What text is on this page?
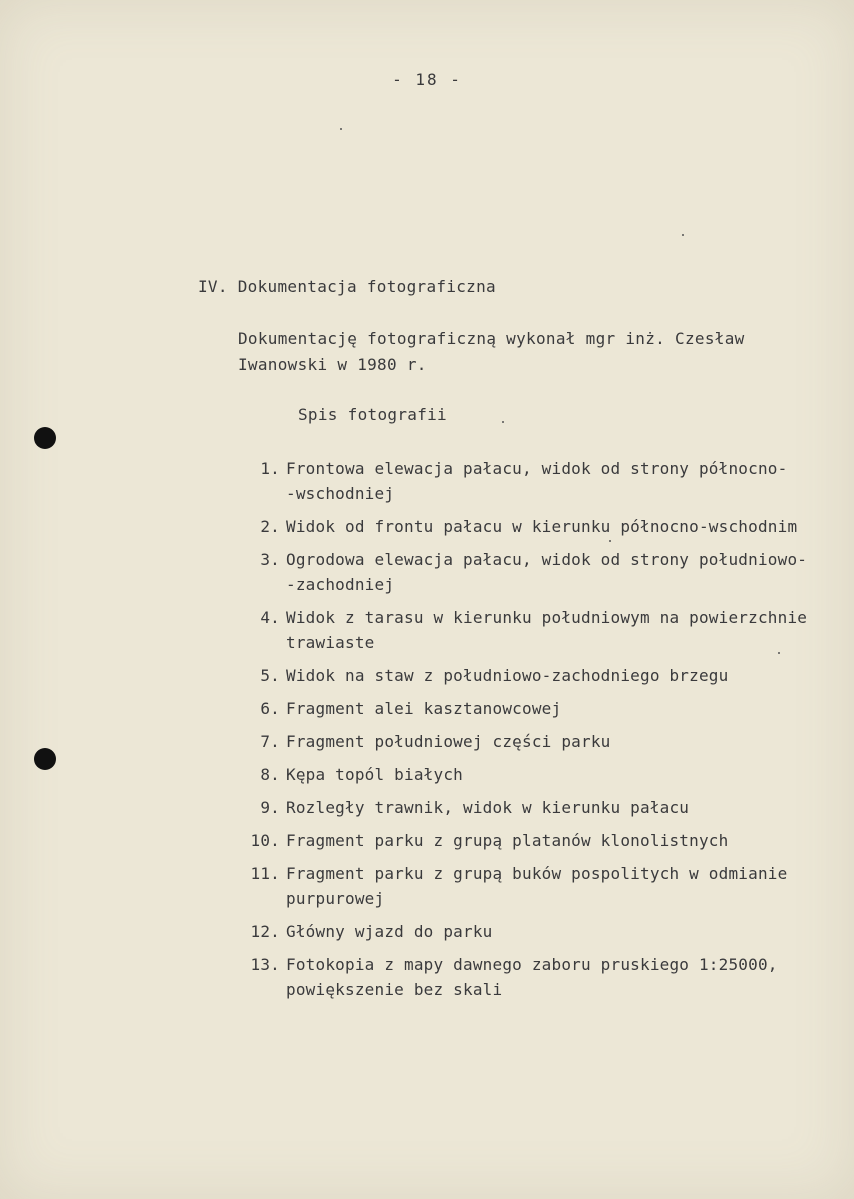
- 18 -
IV. Dokumentacja fotograficzna
Dokumentację fotograficzną wykonał mgr inż. Czesław
Iwanowski w 1980 r.
Spis fotografii
1. Frontowa elewacja pałacu, widok od strony północno-
-wschodniej
2. Widok od frontu pałacu w kierunku północno-wschodnim
3. Ogrodowa elewacja pałacu, widok od strony południowo-
-zachodniej
4. Widok z tarasu w kierunku południowym na powierzchnie
trawiaste
5. Widok na staw z południowo-zachodniego brzegu
6. Fragment alei kasztanowcowej
7. Fragment południowej części parku
8. Kępa topól białych
9. Rozległy trawnik, widok w kierunku pałacu
10. Fragment parku z grupą platanów klonolistnych
11. Fragment parku z grupą buków pospolitych w odmianie
purpurowej
12. Główny wjazd do parku
13. Fotokopia z mapy dawnego zaboru pruskiego 1:25000,
powiększenie bez skali
